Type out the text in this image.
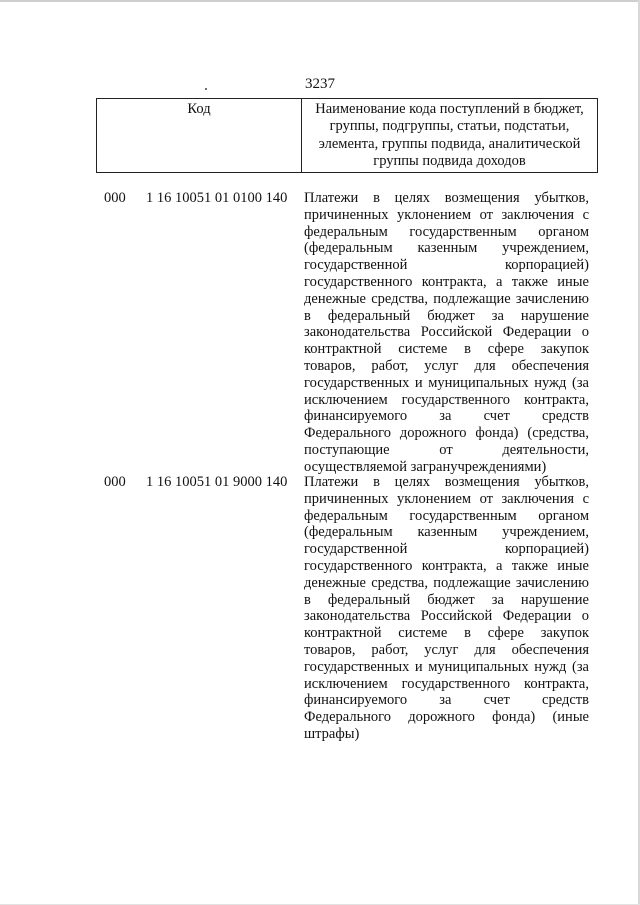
3237
Код	Наименование кода поступлений в бюджет, группы, подгруппы, статьи, подстатьи, элемента, группы подвида, аналитической группы подвида доходов
000	1 16 10051 01 0100 140	Платежи в целях возмещения убытков, причиненных уклонением от заключения с федеральным государственным органом (федеральным казенным учреждением, государственной корпорацией) государственного контракта, а также иные денежные средства, подлежащие зачислению в федеральный бюджет за нарушение законодательства Российской Федерации о контрактной системе в сфере закупок товаров, работ, услуг для обеспечения государственных и муниципальных нужд (за исключением государственного контракта, финансируемого за счет средств Федерального дорожного фонда) (средства, поступающие от деятельности, осуществляемой загранучреждениями)
000	1 16 10051 01 9000 140	Платежи в целях возмещения убытков, причиненных уклонением от заключения с федеральным государственным органом (федеральным казенным учреждением, государственной корпорацией) государственного контракта, а также иные денежные средства, подлежащие зачислению в федеральный бюджет за нарушение законодательства Российской Федерации о контрактной системе в сфере закупок товаров, работ, услуг для обеспечения государственных и муниципальных нужд (за исключением государственного контракта, финансируемого за счет средств Федерального дорожного фонда) (иные штрафы)
